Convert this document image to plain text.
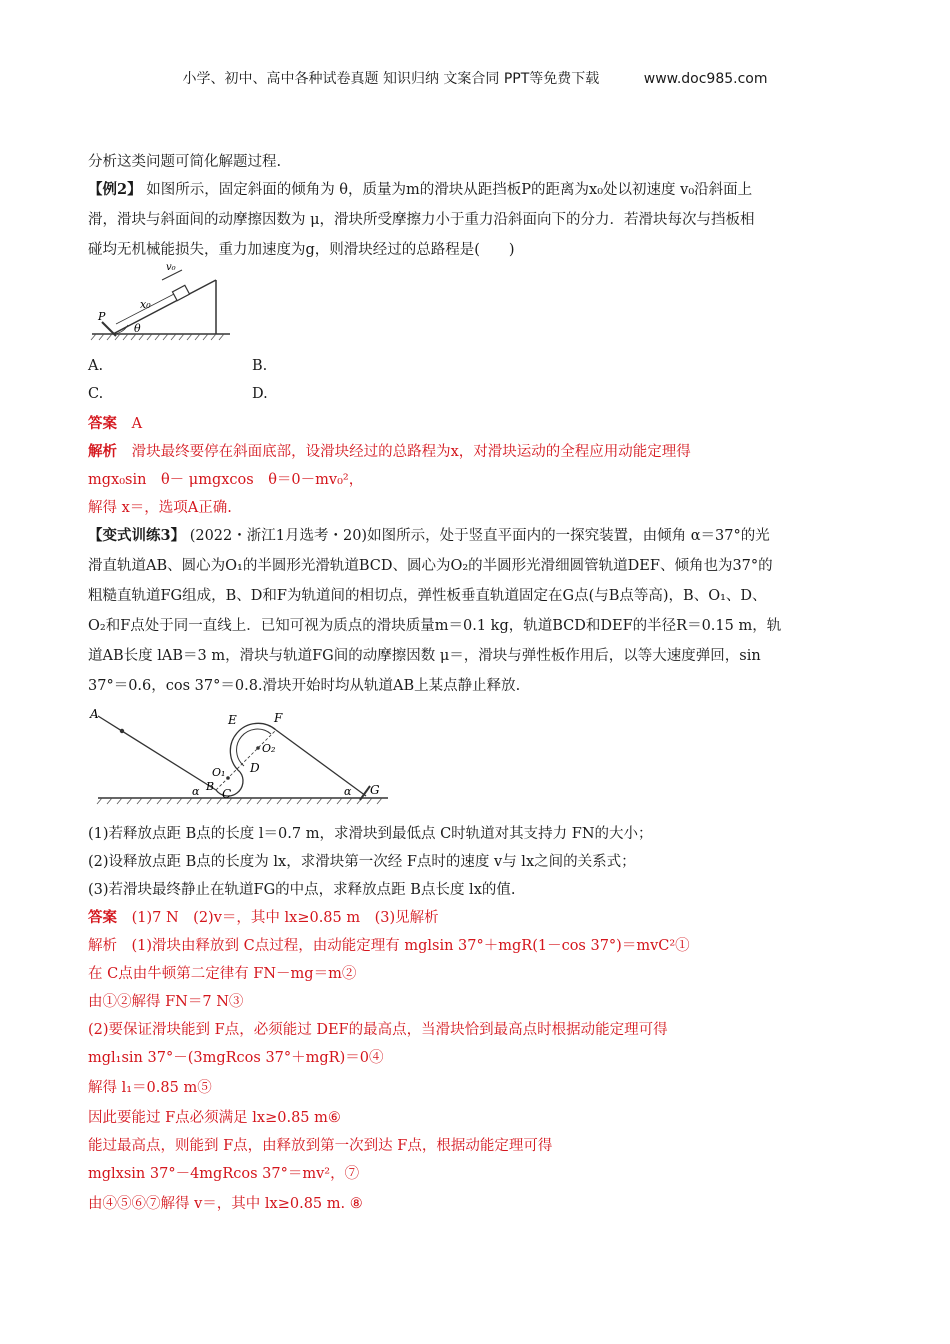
小学、初中、高中各种试卷真题 知识归纳 文案合同 PPT等免费下载	www.doc985.com
分析这类问题可简化解题过程.
【例2】 如图所示，固定斜面的倾角为 θ，质量为m的滑块从距挡板P的距离为x₀处以初速度 v₀沿斜面上
滑，滑块与斜面间的动摩擦因数为 μ，滑块所受摩擦力小于重力沿斜面向下的分力．若滑块每次与挡板相
碰均无机械能损失，重力加速度为g，则滑块经过的总路程是(　　)
v₀
x₀
P
θ
A.	B.
C.	D.
答案 A
解析 滑块最终要停在斜面底部，设滑块经过的总路程为x，对滑块运动的全程应用动能定理得
mgx₀sin　θ－ μmgxcos　θ＝0－mv₀²，
解得 x＝，选项A正确.
【变式训练3】 (2022・浙江1月选考・20)如图所示，处于竖直平面内的一探究装置，由倾角 α＝37°的光
滑直轨道AB、圆心为O₁的半圆形光滑轨道BCD、圆心为O₂的半圆形光滑细圆管轨道DEF、倾角也为37°的
粗糙直轨道FG组成，B、D和F为轨道间的相切点，弹性板垂直轨道固定在G点(与B点等高)，B、O₁、D、
O₂和F点处于同一直线上．已知可视为质点的滑块质量m＝0.1 kg，轨道BCD和DEF的半径R＝0.15 m，轨
道AB长度 lAB＝3 m，滑块与轨道FG间的动摩擦因数 μ＝，滑块与弹性板作用后，以等大速度弹回，sin
37°＝0.6，cos 37°＝0.8.滑块开始时均从轨道AB上某点静止释放.
A	E	F
O₂
D
O₁
B
C
α	α G
(1)若释放点距 B点的长度 l＝0.7 m，求滑块到最低点 C时轨道对其支持力 FN的大小；
(2)设释放点距 B点的长度为 lx，求滑块第一次经 F点时的速度 v与 lx之间的关系式；
(3)若滑块最终静止在轨道FG的中点，求释放点距 B点长度 lx的值.
答案 (1)7 N　(2)v＝，其中 lx≥0.85 m　(3)见解析
解析　(1)滑块由释放到 C点过程，由动能定理有 mglsin 37°＋mgR(1－cos 37°)＝mvC²①
在 C点由牛顿第二定律有 FN－mg＝m②
由①②解得 FN＝7 N③
(2)要保证滑块能到 F点，必须能过 DEF的最高点，当滑块恰到最高点时根据动能定理可得
mgl₁sin 37°－(3mgRcos 37°＋mgR)＝0④
解得 l₁＝0.85 m⑤
因此要能过 F点必须满足 lx≥0.85 m⑥
能过最高点，则能到 F点，由释放到第一次到达 F点，根据动能定理可得
mglxsin 37°－4mgRcos 37°＝mv²，⑦
由④⑤⑥⑦解得 v＝，其中 lx≥0.85 m. ⑧
